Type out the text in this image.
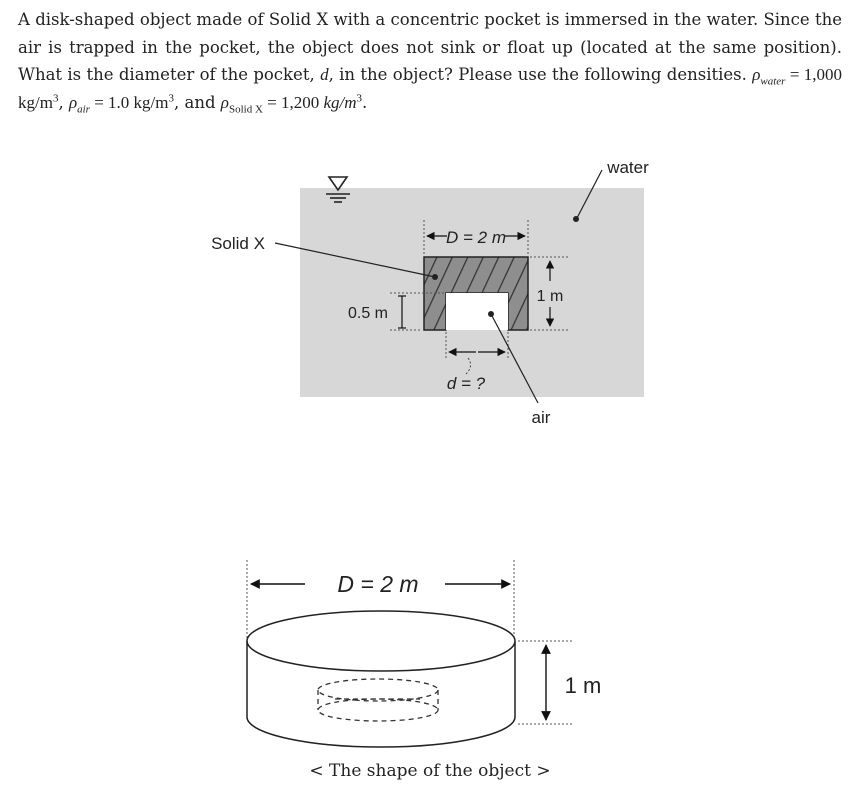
A disk-shaped object made of Solid X with a concentric pocket is immersed in the water. Since the air is trapped in the pocket, the object does not sink or float up (located at the same position). What is the diameter of the pocket, d, in the object? Please use the following densities. $\rho_{water} = 1,000$ $kg/m^3$, $\rho_{air} = 1.0$ $kg/m^3$, and $\rho_{Solid X} = 1,200$ $kg/m^3$.

D = 2 m
1 m
0.5 m
d = ?
water
Solid X
air
D = 2 m
1 m
< The shape of the object >
